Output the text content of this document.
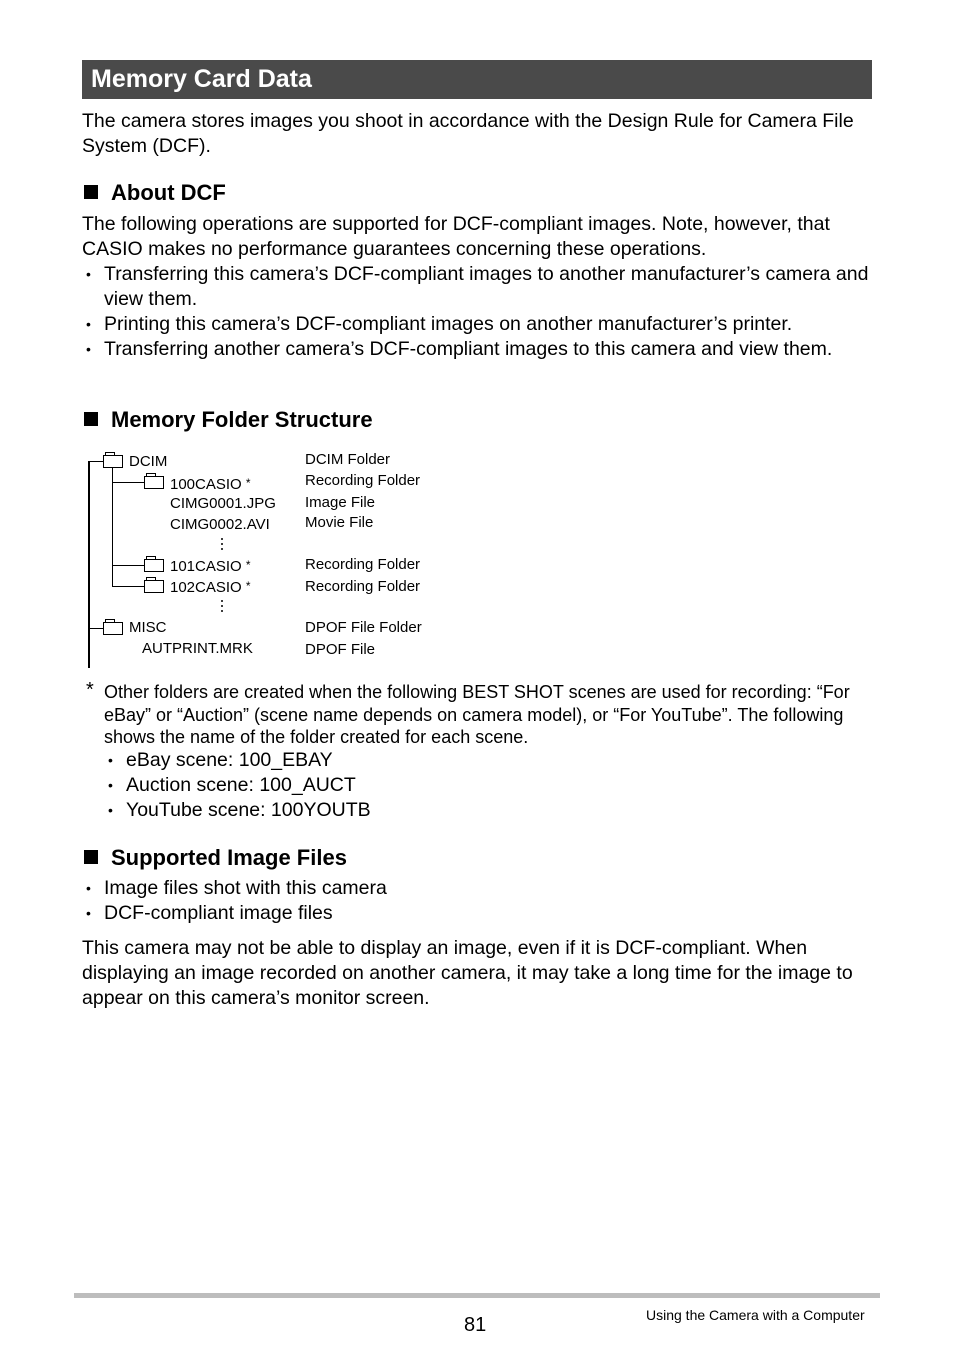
Memory Card Data

The camera stores images you shoot in accordance with the Design Rule for Camera File System (DCF).

About DCF

The following operations are supported for DCF-compliant images. Note, however, that CASIO makes no performance guarantees concerning these operations.

• Transferring this camera’s DCF-compliant images to another manufacturer’s camera and view them.
• Printing this camera’s DCF-compliant images on another manufacturer’s printer.
• Transferring another camera’s DCF-compliant images to this camera and view them.
Memory Folder Structure
DCIM
100CASIO *
CIMG0001.JPG
CIMG0002.AVI
101CASIO *
102CASIO *
MISC
AUTPRINT.MRK
DCIM Folder
Recording Folder
Image File
Movie File
Recording Folder
Recording Folder
DPOF File Folder
DPOF File
* Other folders are created when the following BEST SHOT scenes are used for recording: “For eBay” or “Auction” (scene name depends on camera model), or “For YouTube”. The following shows the name of the folder created for each scene.

• eBay scene: 100_EBAY
• Auction scene: 100_AUCT
• YouTube scene: 100YOUTB
Supported Image Files
• Image files shot with this camera
• DCF-compliant image files

This camera may not be able to display an image, even if it is DCF-compliant. When displaying an image recorded on another camera, it may take a long time for the image to appear on this camera’s monitor screen.

81	Using the Camera with a Computer
